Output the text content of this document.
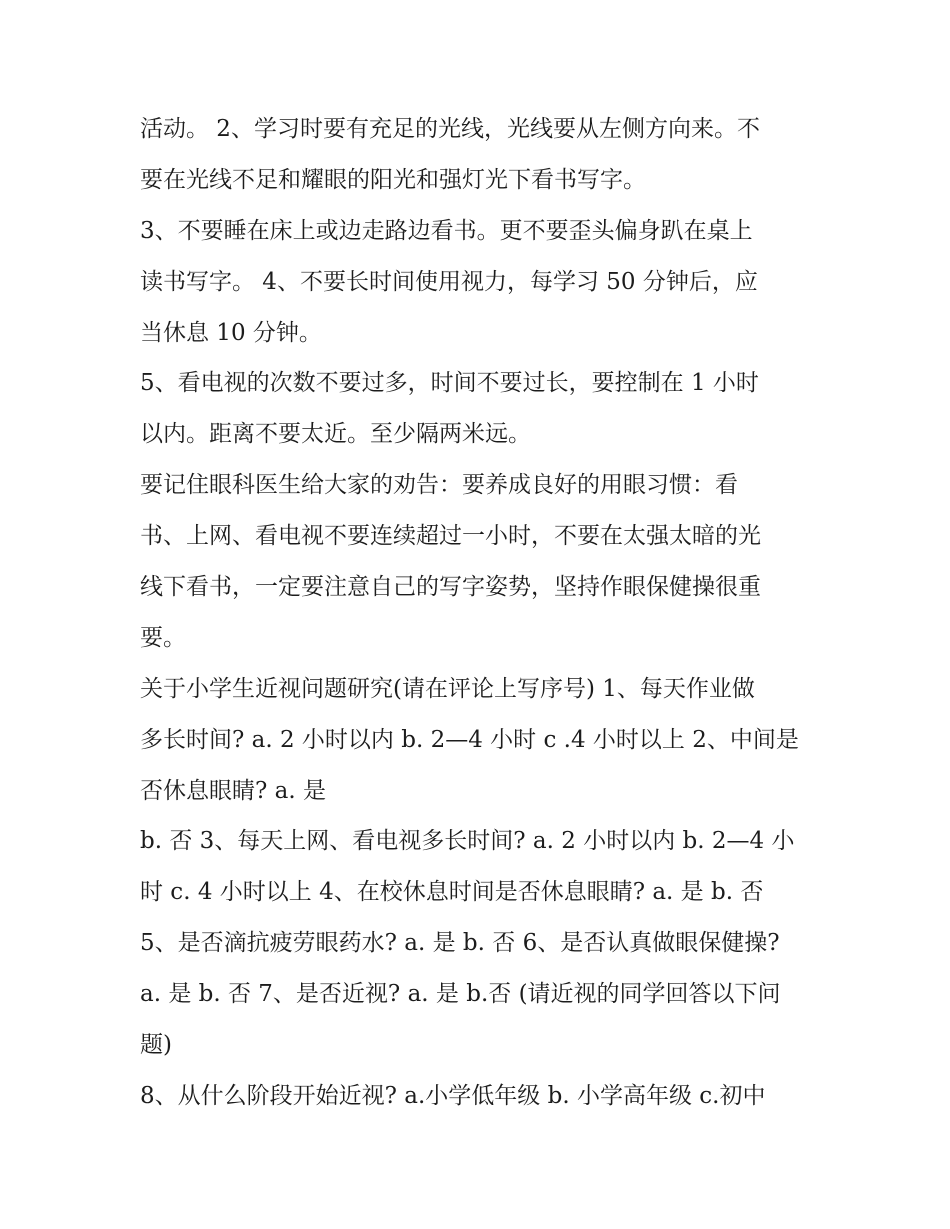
活动。 2、学习时要有充足的光线，光线要从左侧方向来。不
要在光线不足和耀眼的阳光和强灯光下看书写字。
3、不要睡在床上或边走路边看书。更不要歪头偏身趴在桌上
读书写字。 4、不要长时间使用视力，每学习 50 分钟后，应
当休息 10 分钟。
5、看电视的次数不要过多，时间不要过长，要控制在 1 小时
以内。距离不要太近。至少隔两米远。
要记住眼科医生给大家的劝告：要养成良好的用眼习惯：看
书、上网、看电视不要连续超过一小时，不要在太强太暗的光
线下看书，一定要注意自己的写字姿势，坚持作眼保健操很重
要。
关于小学生近视问题研究(请在评论上写序号) 1、每天作业做
多长时间? a. 2 小时以内 b. 2—4 小时 c .4 小时以上 2、中间是
否休息眼睛? a. 是
b. 否 3、每天上网、看电视多长时间? a. 2 小时以内 b. 2—4 小
时 c. 4 小时以上 4、在校休息时间是否休息眼睛? a. 是 b. 否
5、是否滴抗疲劳眼药水? a. 是 b. 否 6、是否认真做眼保健操?
a. 是 b. 否 7、是否近视? a. 是 b.否 (请近视的同学回答以下问
题)
8、从什么阶段开始近视? a.小学低年级 b. 小学高年级 c.初中
